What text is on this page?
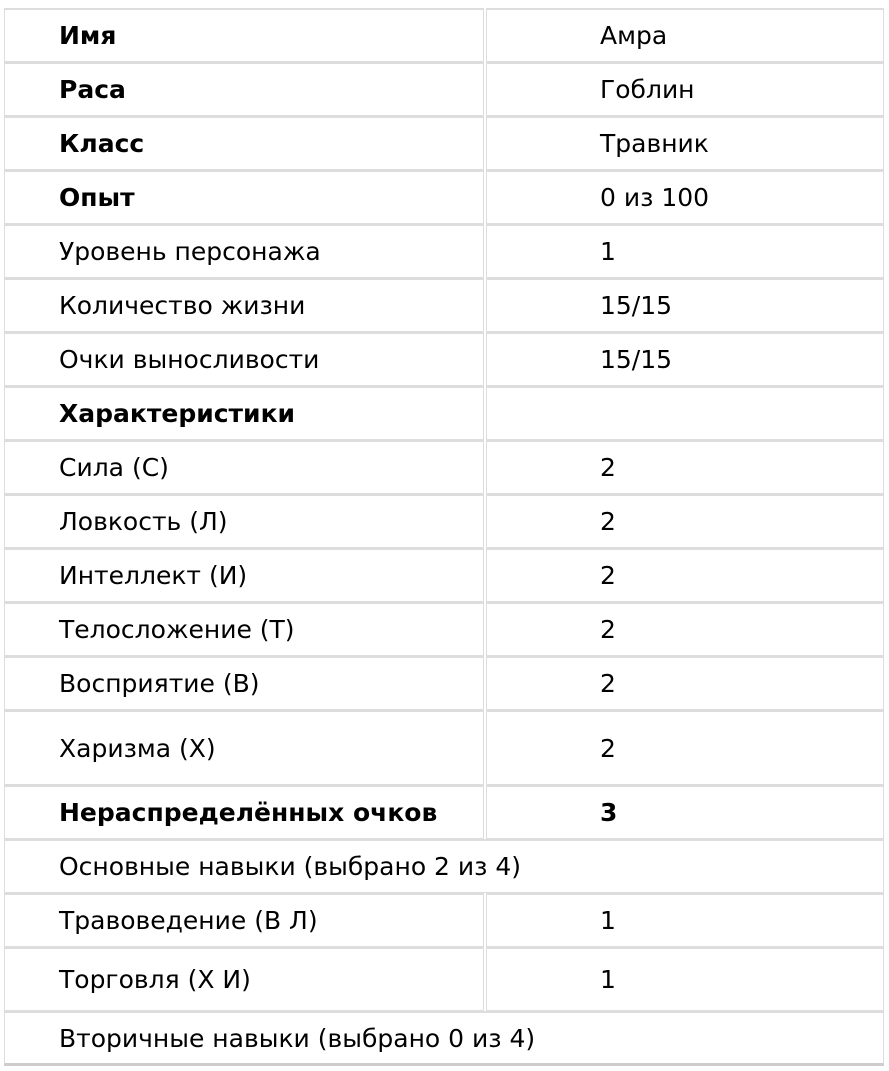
Имя	Амра
Раса	Гоблин
Класс	Травник
Опыт	0 из 100
Уровень персонажа	1
Количество жизни	15/15
Очки выносливости	15/15
Характеристики
Сила (С)	2
Ловкость (Л)	2
Интеллект (И)	2
Телосложение (Т)	2
Восприятие (В)	2
Харизма (Х)	2
Нераспределённых очков	3
Основные навыки (выбрано 2 из 4)
Травоведение (В Л)	1
Торговля (Х И)	1
Вторичные навыки (выбрано 0 из 4)
